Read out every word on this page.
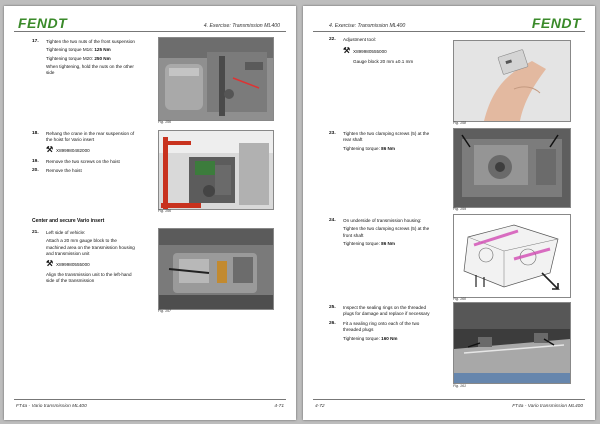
FENDT	4. Exercise: Transmission ML400
17. Tighten the two nuts of the front suspension
Tightening torque M16: 125 Nm
Tightening torque M20: 250 Nm
When tightening, hold the nuts on the other
side
Fig. 156
18. Rehang the crane in the rear suspension of
the hoist for Vario insert
⚒ X899980482000
19. Remove the two screws on the hoist
20. Remove the hoist
Fig. 156
Center and secure Vario insert
21. Left side of vehicle:
Attach a 20 mm gauge block to the
machined area on the transmission housing
and transmission unit
⚒ X899980555000
Align the transmission unit to the left-hand
side of the transmission
Fig. 157
FT4a - Vario transmission ML400	4-71
4. Exercise: Transmission ML400	FENDT
22. Adjustment tool:
⚒ X899980555000
Gauge block 20 mm ±0.1 mm
Fig. 158
23. Tighten the two clamping screws (5) at the
rear shaft
Tightening torque: 86 Nm
Fig. 159
24. On underside of transmission housing:
Tighten the two clamping screws (5) at the
front shaft
Tightening torque: 86 Nm
Fig. 160
25. Inspect the sealing rings on the threaded
plugs for damage and replace if necessary
26. Fit a sealing ring onto each of the two
threaded plugs
Tightening torque: 160 Nm
Fig. 161
4-72	FT4a - Vario transmission ML400
